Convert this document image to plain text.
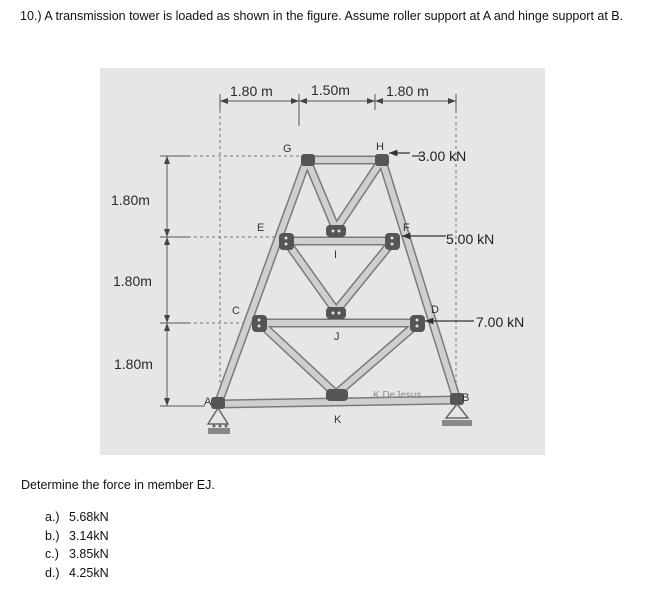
10.) A transmission tower is loaded as shown in the figure. Assume roller support at A and hinge support at B.
1.80 m	1.50m	1.80 m
1.80m
1.80m
1.80m
3.00 kN
5.00 kN
7.00 kN
G	H
E	F
I
C	D
J
A	B
K
K.DeJesus
Determine the force in member EJ.
a.) 5.68kN
b.) 3.14kN
c.) 3.85kN
d.) 4.25kN
